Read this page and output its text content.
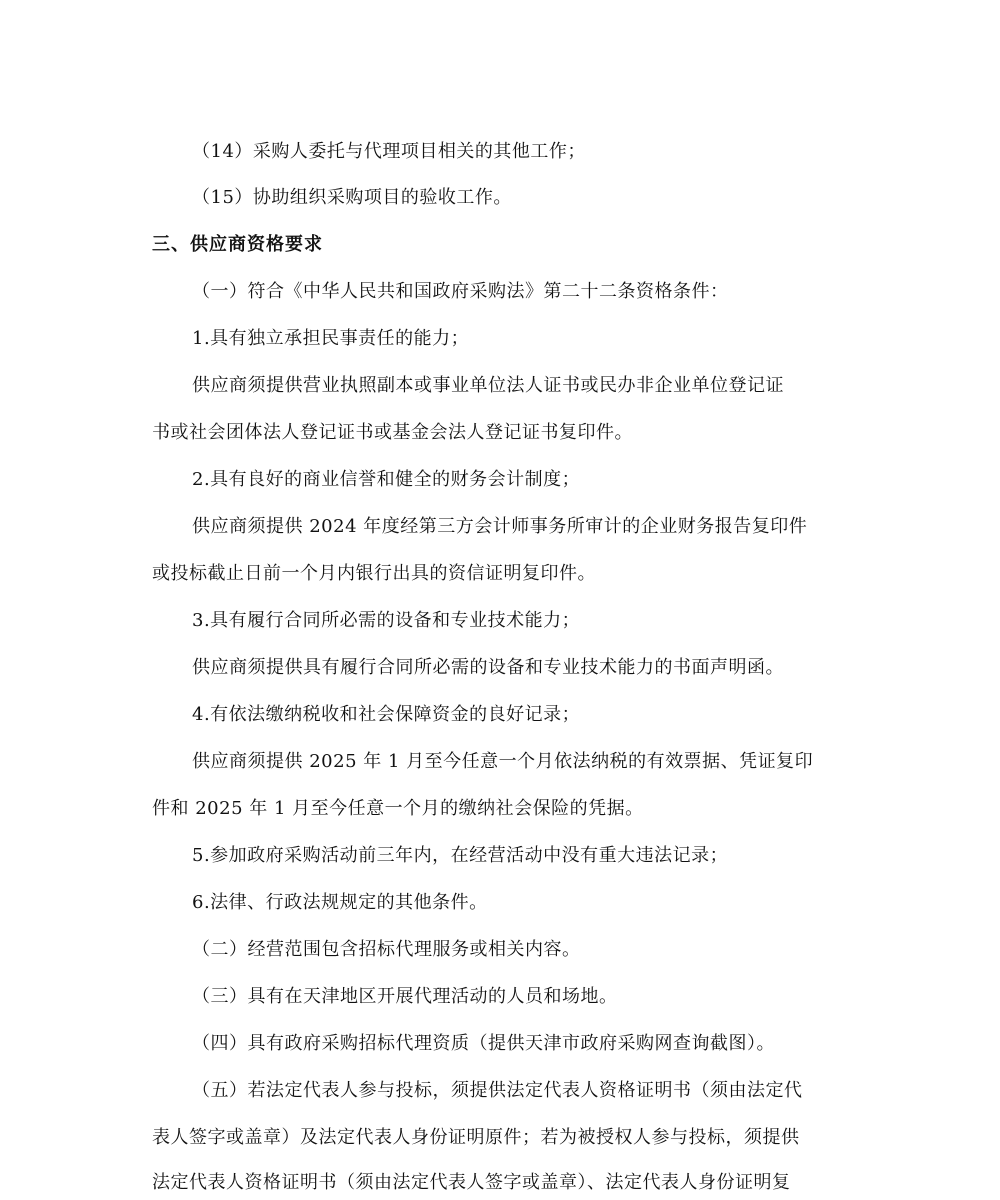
（14）采购人委托与代理项目相关的其他工作；
（15）协助组织采购项目的验收工作。
三、供应商资格要求
（一）符合《中华人民共和国政府采购法》第二十二条资格条件：
1.具有独立承担民事责任的能力；
供应商须提供营业执照副本或事业单位法人证书或民办非企业单位登记证
书或社会团体法人登记证书或基金会法人登记证书复印件。
2.具有良好的商业信誉和健全的财务会计制度；
供应商须提供 2024 年度经第三方会计师事务所审计的企业财务报告复印件
或投标截止日前一个月内银行出具的资信证明复印件。
3.具有履行合同所必需的设备和专业技术能力；
供应商须提供具有履行合同所必需的设备和专业技术能力的书面声明函。
4.有依法缴纳税收和社会保障资金的良好记录；
供应商须提供 2025 年 1 月至今任意一个月依法纳税的有效票据、凭证复印
件和 2025 年 1 月至今任意一个月的缴纳社会保险的凭据。
5.参加政府采购活动前三年内，在经营活动中没有重大违法记录；
6.法律、行政法规规定的其他条件。
（二）经营范围包含招标代理服务或相关内容。
（三）具有在天津地区开展代理活动的人员和场地。
（四）具有政府采购招标代理资质（提供天津市政府采购网查询截图）。
（五）若法定代表人参与投标，须提供法定代表人资格证明书（须由法定代
表人签字或盖章）及法定代表人身份证明原件；若为被授权人参与投标，须提供
法定代表人资格证明书（须由法定代表人签字或盖章）、法定代表人身份证明复
